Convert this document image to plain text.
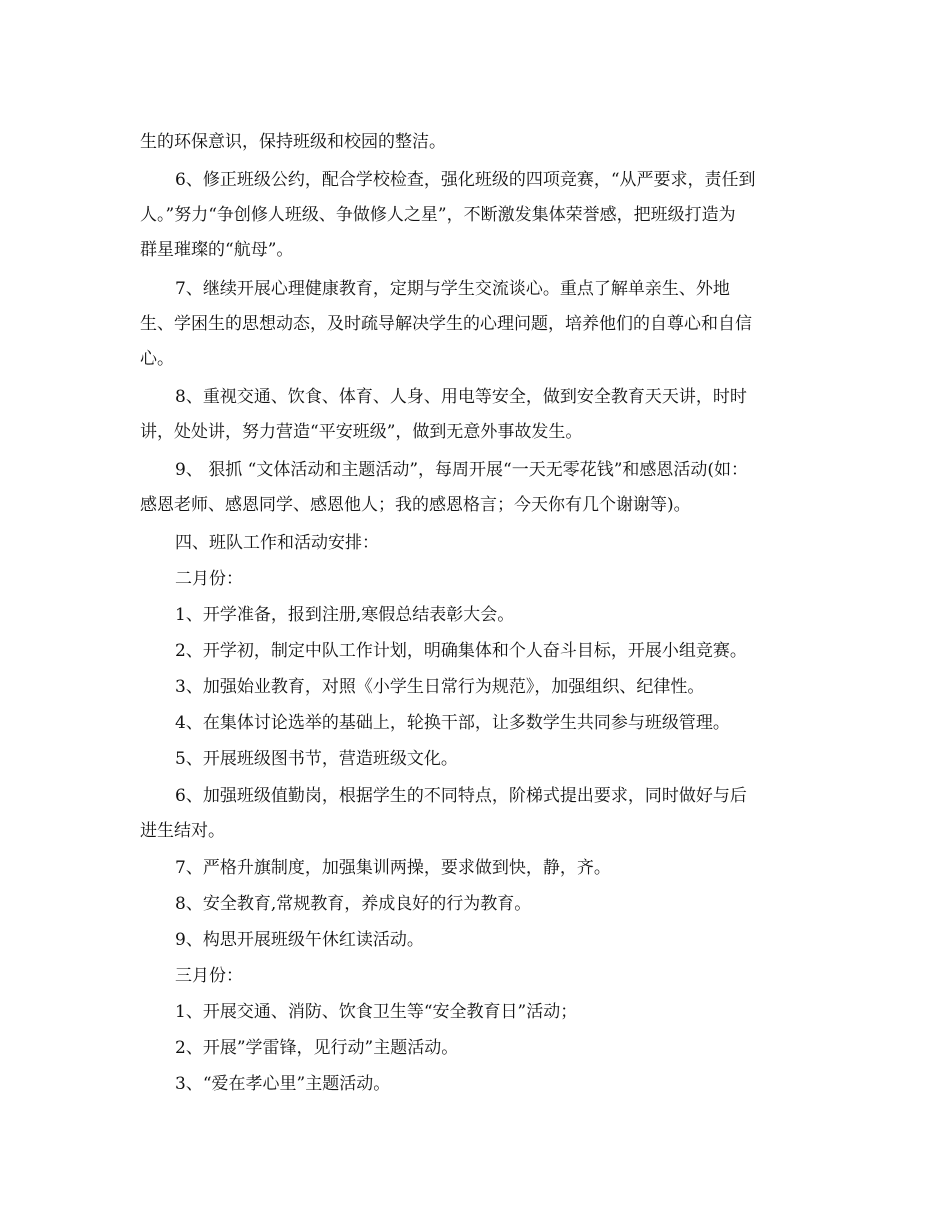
生的环保意识，保持班级和校园的整洁。
6、修正班级公约，配合学校检查，强化班级的四项竞赛，“从严要求，责任到
人。”努力“争创修人班级、争做修人之星”，不断激发集体荣誉感，把班级打造为
群星璀璨的“航母”。
7、继续开展心理健康教育，定期与学生交流谈心。重点了解单亲生、外地
生、学困生的思想动态，及时疏导解决学生的心理问题，培养他们的自尊心和自信
心。
8、重视交通、饮食、体育、人身、用电等安全，做到安全教育天天讲，时时
讲，处处讲，努力营造“平安班级”，做到无意外事故发生。
9、 狠抓 “文体活动和主题活动”，每周开展“一天无零花钱”和感恩活动(如：
感恩老师、感恩同学、感恩他人；我的感恩格言；今天你有几个谢谢等)。
四、班队工作和活动安排：
二月份：
1、开学准备，报到注册,寒假总结表彰大会。
2、开学初，制定中队工作计划，明确集体和个人奋斗目标，开展小组竞赛。
3、加强始业教育，对照《小学生日常行为规范》，加强组织、纪律性。
4、在集体讨论选举的基础上，轮换干部，让多数学生共同参与班级管理。
5、开展班级图书节，营造班级文化。
6、加强班级值勤岗，根据学生的不同特点，阶梯式提出要求，同时做好与后
进生结对。
7、严格升旗制度，加强集训两操，要求做到快，静，齐。
8、安全教育,常规教育，养成良好的行为教育。
9、构思开展班级午休红读活动。
三月份：
1、开展交通、消防、饮食卫生等“安全教育日”活动；
2、开展”学雷锋，见行动”主题活动。
3、“爱在孝心里”主题活动。
